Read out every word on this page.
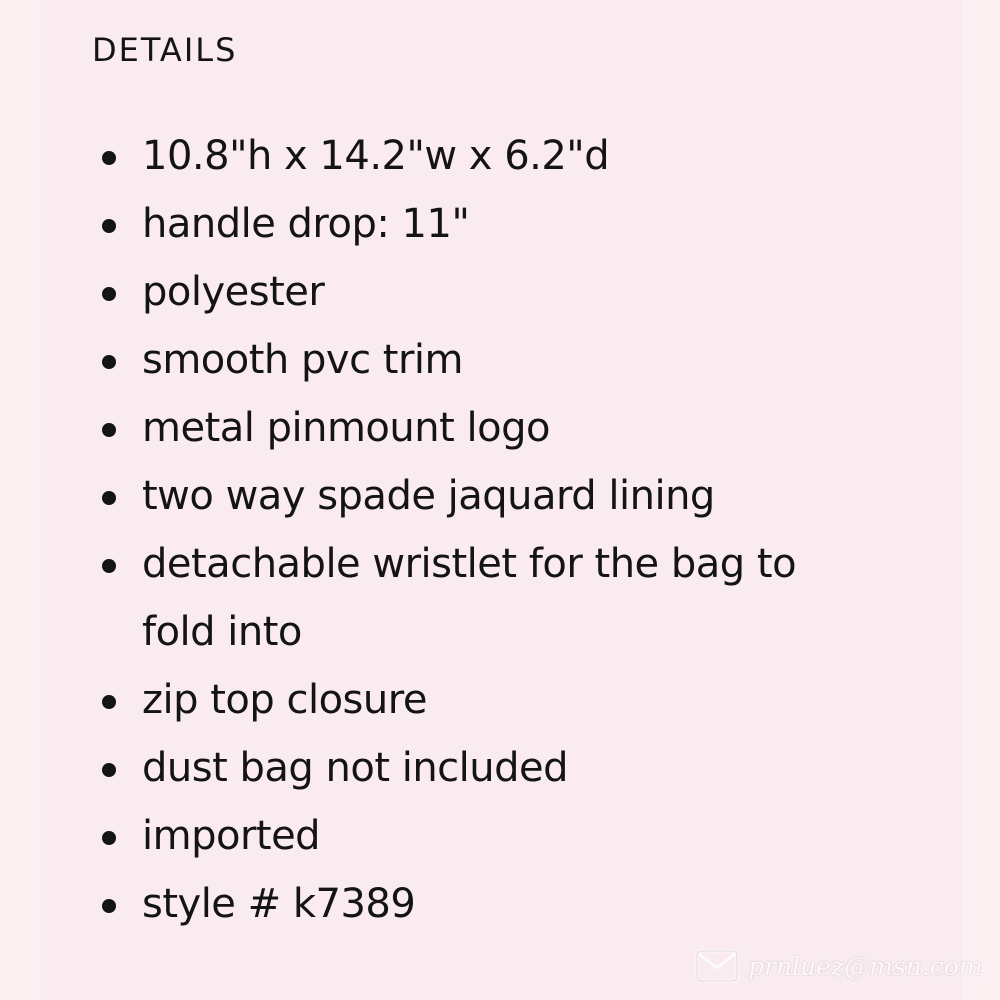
DETAILS
10.8"h x 14.2"w x 6.2"d
handle drop: 11"
polyester
smooth pvc trim
metal pinmount logo
two way spade jaquard lining
detachable wristlet for the bag to fold into
zip top closure
dust bag not included
imported
style # k7389
prnluez@msn.com
